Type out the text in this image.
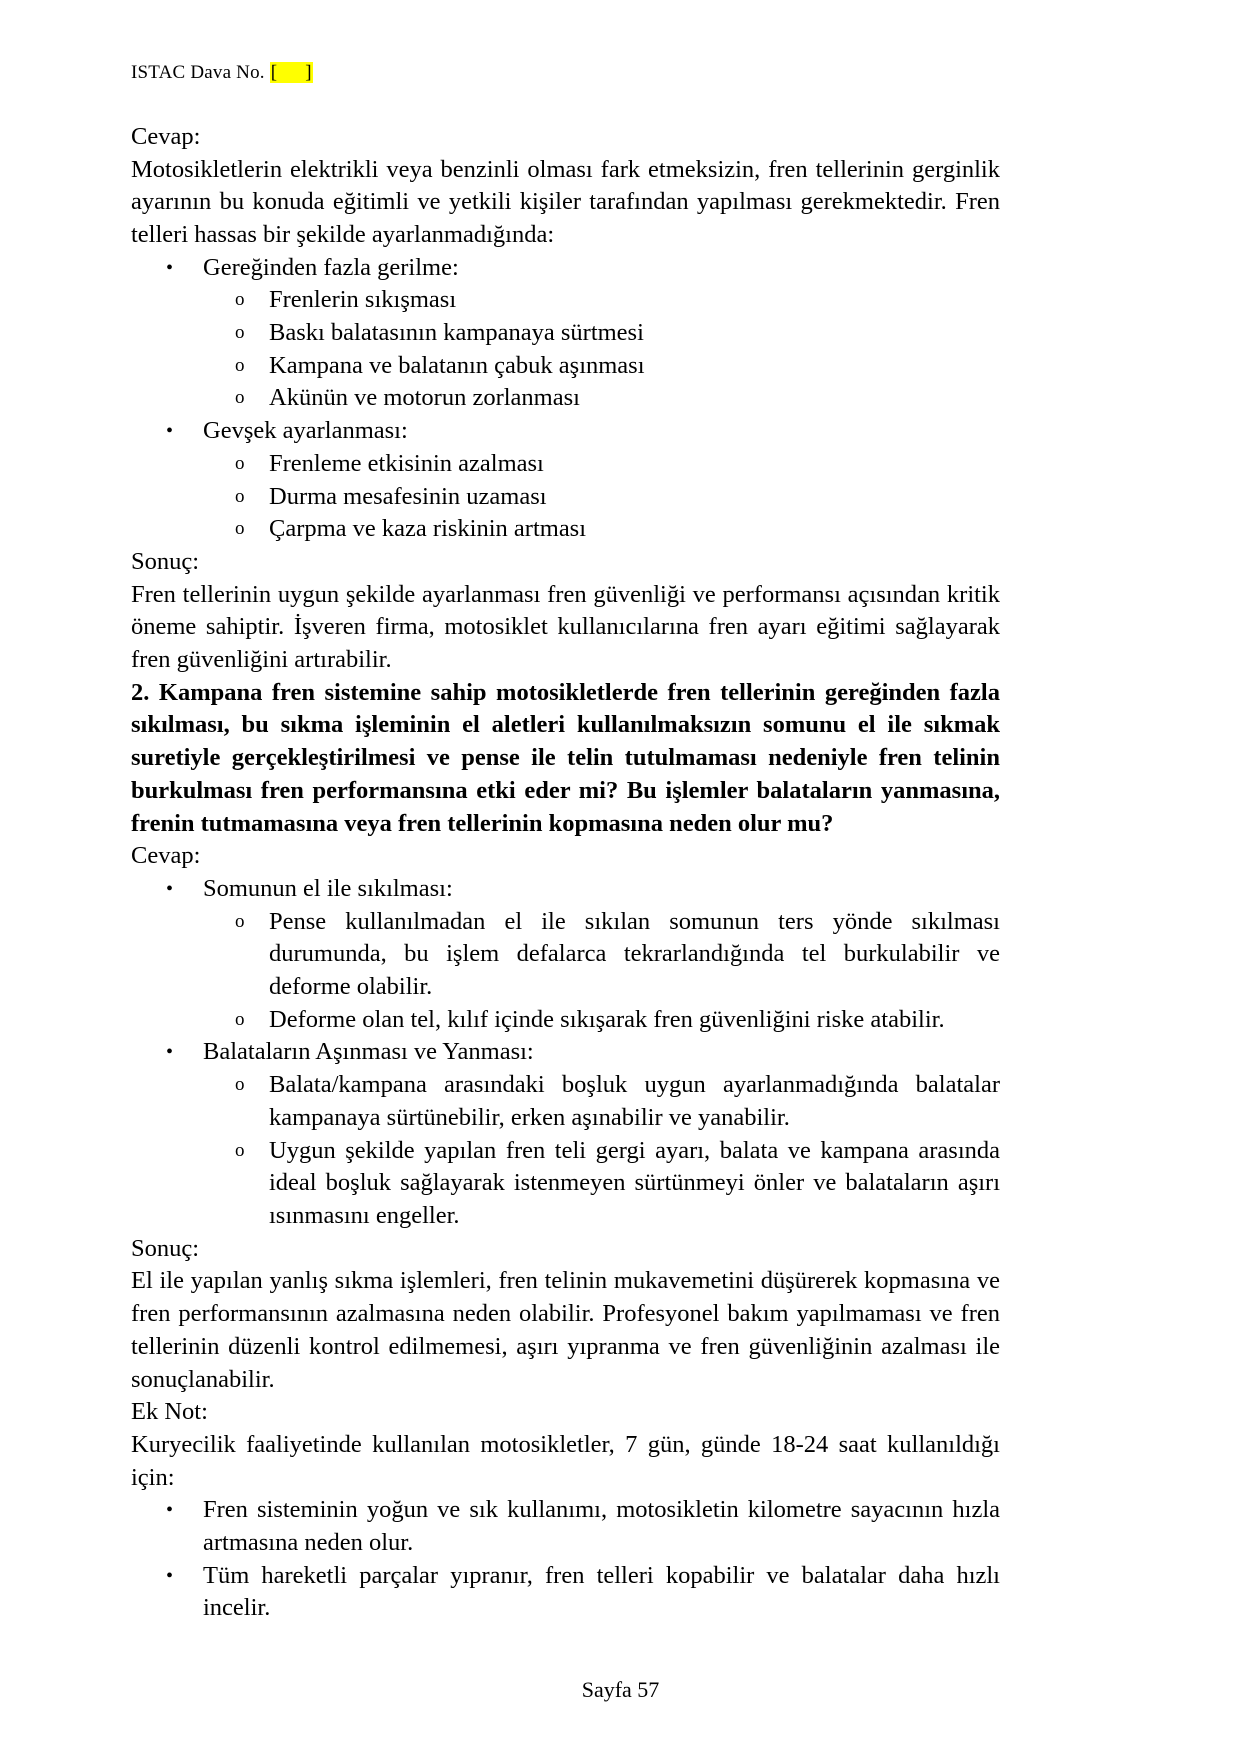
ISTAC Dava No. [ ]

Cevap:

Motosikletlerin elektrikli veya benzinli olması fark etmeksizin, fren tellerinin gerginlik ayarının bu konuda eğitimli ve yetkili kişiler tarafından yapılması gerekmektedir. Fren telleri hassas bir şekilde ayarlanmadığında:

• Gereğinden fazla gerilme:
o Frenlerin sıkışması
o Baskı balatasının kampanaya sürtmesi
o Kampana ve balatanın çabuk aşınması
o Akünün ve motorun zorlanması
• Gevşek ayarlanması:
o Frenleme etkisinin azalması
o Durma mesafesinin uzaması
o Çarpma ve kaza riskinin artması

Sonuç:

Fren tellerinin uygun şekilde ayarlanması fren güvenliği ve performansı açısından kritik öneme sahiptir. İşveren firma, motosiklet kullanıcılarına fren ayarı eğitimi sağlayarak fren güvenliğini artırabilir.

2. Kampana fren sistemine sahip motosikletlerde fren tellerinin gereğinden fazla sıkılması, bu sıkma işleminin el aletleri kullanılmaksızın somunu el ile sıkmak suretiyle gerçekleştirilmesi ve pense ile telin tutulmaması nedeniyle fren telinin burkulması fren performansına etki eder mi? Bu işlemler balataların yanmasına, frenin tutmamasına veya fren tellerinin kopmasına neden olur mu?

Cevap:

• Somunun el ile sıkılması:
o Pense kullanılmadan el ile sıkılan somunun ters yönde sıkılması durumunda, bu işlem defalarca tekrarlandığında tel burkulabilir ve deforme olabilir.
o Deforme olan tel, kılıf içinde sıkışarak fren güvenliğini riske atabilir.
• Balataların Aşınması ve Yanması:
o Balata/kampana arasındaki boşluk uygun ayarlanmadığında balatalar kampanaya sürtünebilir, erken aşınabilir ve yanabilir.
o Uygun şekilde yapılan fren teli gergi ayarı, balata ve kampana arasında ideal boşluk sağlayarak istenmeyen sürtünmeyi önler ve balataların aşırı ısınmasını engeller.

Sonuç:

El ile yapılan yanlış sıkma işlemleri, fren telinin mukavemetini düşürerek kopmasına ve fren performansının azalmasına neden olabilir. Profesyonel bakım yapılmaması ve fren tellerinin düzenli kontrol edilmemesi, aşırı yıpranma ve fren güvenliğinin azalması ile sonuçlanabilir.

Ek Not:

Kuryecilik faaliyetinde kullanılan motosikletler, 7 gün, günde 18-24 saat kullanıldığı için:

• Fren sisteminin yoğun ve sık kullanımı, motosikletin kilometre sayacının hızla artmasına neden olur.
• Tüm hareketli parçalar yıpranır, fren telleri kopabilir ve balatalar daha hızlı incelir.
Sayfa 57
